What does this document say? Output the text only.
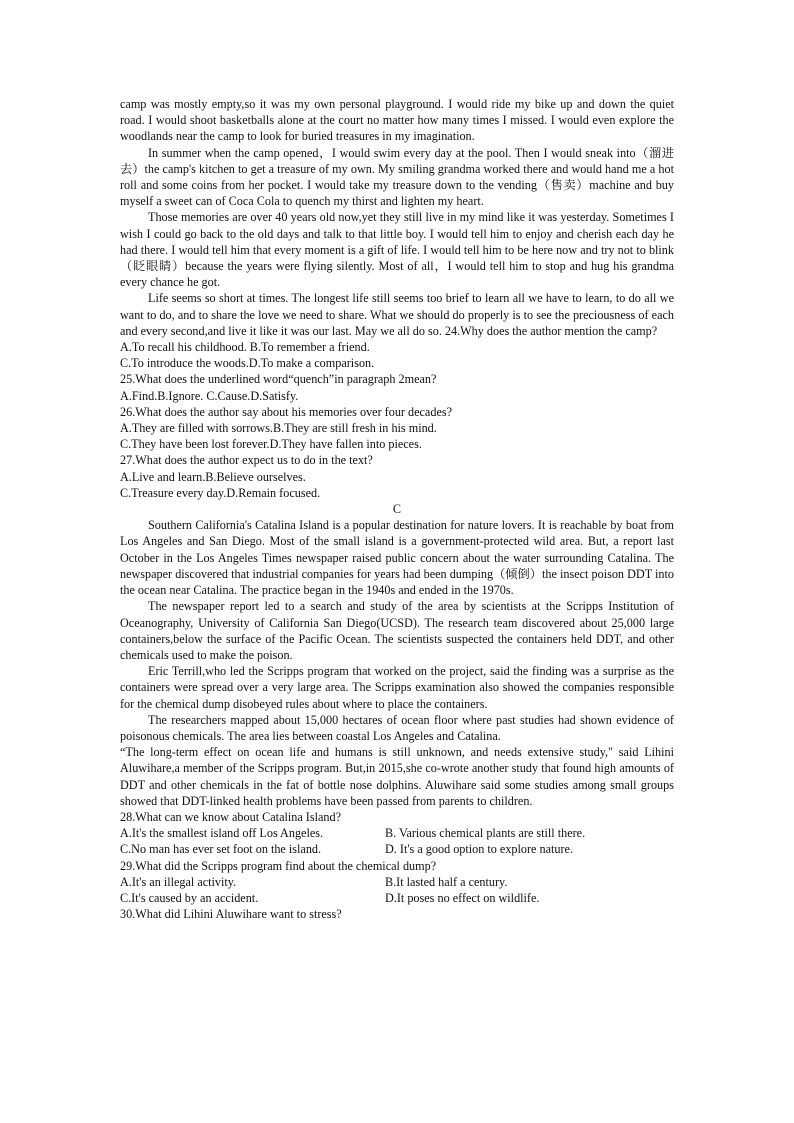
camp was mostly empty,so it was my own personal playground. I would ride my bike up and down the quiet road. I would shoot basketballs alone at the court no matter how many times I missed. I would even explore the woodlands near the camp to look for buried treasures in my imagination.

In summer when the camp opened，I would swim every day at the pool. Then I would sneak into（溜进去）the camp's kitchen to get a treasure of my own. My smiling grandma worked there and would hand me a hot roll and some coins from her pocket. I would take my treasure down to the vending（售卖）machine and buy myself a sweet can of Coca Cola to quench my thirst and lighten my heart.

Those memories are over 40 years old now,yet they still live in my mind like it was yesterday. Sometimes I wish I could go back to the old days and talk to that little boy. I would tell him to enjoy and cherish each day he had there. I would tell him that every moment is a gift of life. I would tell him to be here now and try not to blink（眨眼睛）because the years were flying silently. Most of all，I would tell him to stop and hug his grandma every chance he got.

Life seems so short at times. The longest life still seems too brief to learn all we have to learn, to do all we want to do, and to share the love we need to share. What we should do properly is to see the preciousness of each and every second,and live it like it was our last. May we all do so. 24.Why does the author mention the camp?

A.To recall his childhood. B.To remember a friend.

C.To introduce the woods.D.To make a comparison.

25.What does the underlined word“quench”in paragraph 2mean?

A.Find.B.Ignore. C.Cause.D.Satisfy.

26.What does the author say about his memories over four decades?

A.They are filled with sorrows.B.They are still fresh in his mind.

C.They have been lost forever.D.They have fallen into pieces.

27.What does the author expect us to do in the text?

A.Live and learn.B.Believe ourselves.

C.Treasure every day.D.Remain focused.

C

Southern California's Catalina Island is a popular destination for nature lovers. It is reachable by boat from Los Angeles and San Diego. Most of the small island is a government-protected wild area. But, a report last October in the Los Angeles Times newspaper raised public concern about the water surrounding Catalina. The newspaper discovered that industrial companies for years had been dumping（倾倒）the insect poison DDT into the ocean near Catalina. The practice began in the 1940s and ended in the 1970s.

The newspaper report led to a search and study of the area by scientists at the Scripps Institution of Oceanography, University of California San Diego(UCSD). The research team discovered about 25,000 large containers,below the surface of the Pacific Ocean. The scientists suspected the containers held DDT, and other chemicals used to make the poison.

Eric Terrill,who led the Scripps program that worked on the project, said the finding was a surprise as the containers were spread over a very large area. The Scripps examination also showed the companies responsible for the chemical dump disobeyed rules about where to place the containers.

The researchers mapped about 15,000 hectares of ocean floor where past studies had shown evidence of poisonous chemicals. The area lies between coastal Los Angeles and Catalina.

“The long-term effect on ocean life and humans is still unknown, and needs extensive study," said Lihini Aluwihare,a member of the Scripps program. But,in 2015,she co-wrote another study that found high amounts of DDT and other chemicals in the fat of bottle nose dolphins. Aluwihare said some studies among small groups showed that DDT-linked health problems have been passed from parents to children.

28.What can we know about Catalina Island?

A.It's the smallest island off Los Angeles.	B. Various chemical plants are still there.
C.No man has ever set foot on the island.	D. It's a good option to explore nature.

29.What did the Scripps program find about the chemical dump?

A.It's an illegal activity.	B.It lasted half a century.
C.It's caused by an accident.	D.It poses no effect on wildlife.

30.What did Lihini Aluwihare want to stress?
